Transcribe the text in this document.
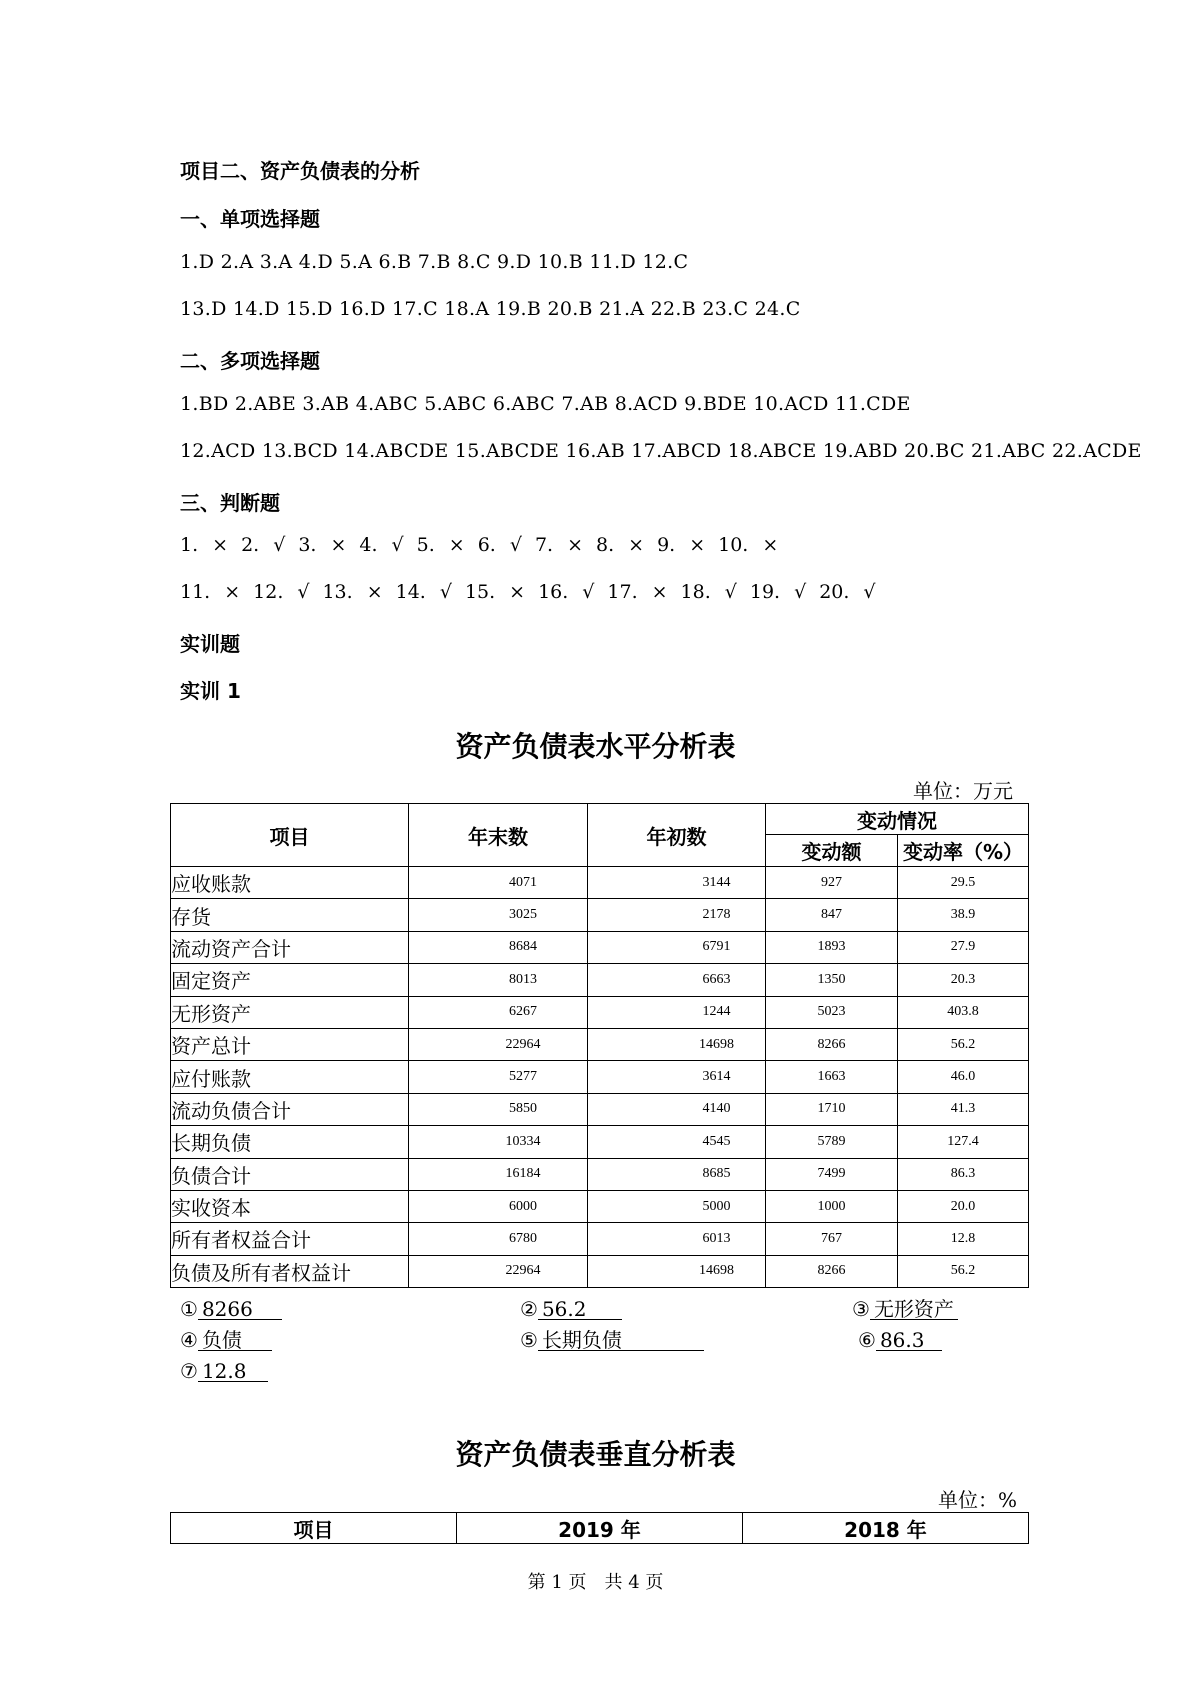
项目二、资产负债表的分析
一、单项选择题
1.D 2.A 3.A 4.D 5.A 6.B 7.B 8.C 9.D 10.B 11.D 12.C
13.D 14.D 15.D 16.D 17.C 18.A 19.B 20.B 21.A 22.B 23.C 24.C
二、多项选择题
1.BD 2.ABE 3.AB 4.ABC 5.ABC 6.ABC 7.AB 8.ACD 9.BDE 10.ACD 11.CDE
12.ACD 13.BCD 14.ABCDE 15.ABCDE 16.AB 17.ABCD 18.ABCE 19.ABD 20.BC 21.ABC 22.ACDE
三、判断题
1. × 2. √ 3. × 4. √ 5. × 6. √ 7. × 8. × 9. × 10. ×
11. × 12. √ 13. × 14. √ 15. × 16. √ 17. × 18. √ 19. √ 20. √
实训题
实训 1
资产负债表水平分析表
单位：万元
项目	年末数	年初数	变动情况	
			变动额	变动率（%）
应收账款	4071	3144	927	29.5
存货	3025	2178	847	38.9
流动资产合计	8684	6791	1893	27.9
固定资产	8013	6663	1350	20.3
无形资产	6267	1244	5023	403.8
资产总计	22964	14698	8266	56.2
应付账款	5277	3614	1663	46.0
流动负债合计	5850	4140	1710	41.3
长期负债	10334	4545	5789	127.4
负债合计	16184	8685	7499	86.3
实收资本	6000	5000	1000	20.0
所有者权益合计	6780	6013	767	12.8
负债及所有者权益计	22964	14698	8266	56.2
① 8266	② 56.2	③ 无形资产
④ 负债	⑤ 长期负债	⑥ 86.3
⑦ 12.8
资产负债表垂直分析表
单位：%
项目	2019 年	2018 年
第 1 页　共 4 页
